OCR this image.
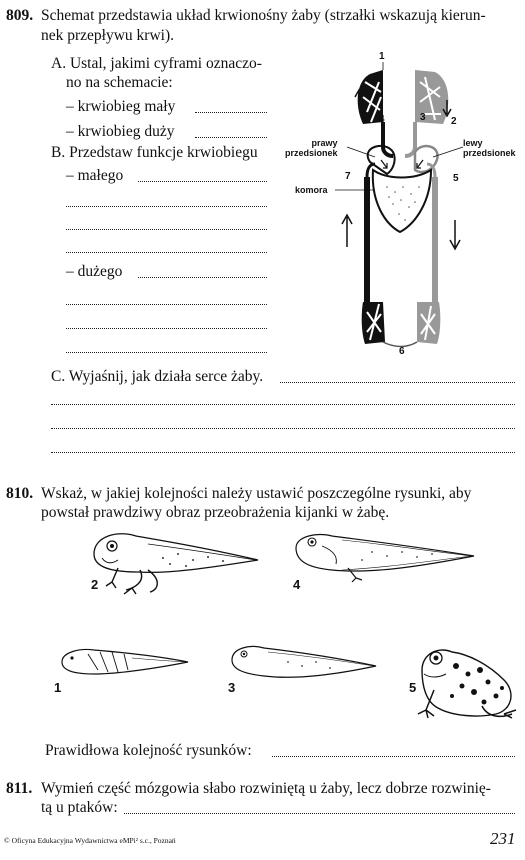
809. Schemat przedstawia układ krwionośny żaby (strzałki wskazują kierun-
nek przepływu krwi).
A. Ustal, jakimi cyframi oznaczo-
no na schemacie:
– krwiobieg mały
– krwiobieg duży
B. Przedstaw funkcje krwiobiegu
– małego
– dużego
C. Wyjaśnij, jak działa serce żaby.
1
2
3
4
5
6
7
prawy
przedsionek
lewy
przedsionek
komora
810. Wskaż, w jakiej kolejności należy ustawić poszczególne rysunki, aby
powstał prawdziwy obraz przeobrażenia kijanki w żabę.
2	4
1	3	5
Prawidłowa kolejność rysunków:
811. Wymień część mózgowia słabo rozwiniętą u żaby, lecz dobrze rozwinię-
tą u ptaków:
© Oficyna Edukacyjna Wydawnictwa eMPi² s.c., Poznań	231
